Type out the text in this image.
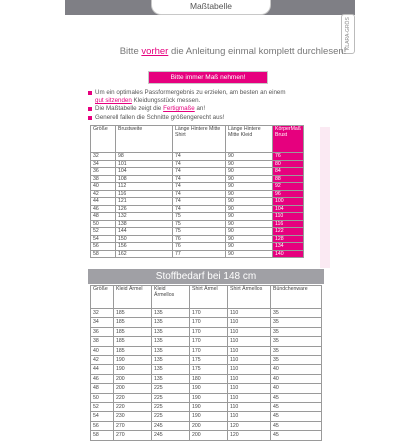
Maßtabelle
KLARA-GRÖS
Bitte vorher die Anleitung einmal komplett durchlesen!
Bitte immer Maß nehmen!
Um ein optimales Passformergebnis zu erzielen, am besten an einem
gut sitzenden Kleidungsstück messen.
Die Maßtabelle zeigt die Fertigmaße an!
Generell fallen die Schnitte größengerecht aus!
Größe	Brustweite	Länge Hintere Mitte Shirt	Länge Hintere Mitte Kleid	KörperMaß Brust
32	98	74	90	76
34	101	74	90	80
36	104	74	90	84
38	108	74	90	88
40	112	74	90	92
42	116	74	90	96
44	121	74	90	100
46	126	74	90	104
48	132	75	90	110
50	138	75	90	116
52	144	75	90	122
54	150	76	90	128
56	156	76	90	134
58	162	77	90	140
Stoffbedarf bei 148 cm
Größe	Kleid Ärmel	Kleid Ärmellos	Shirt Ärmel	Shirt Ärmellos	Bündchenware
32	185	135	170	110	35
34	185	135	170	110	35
36	185	135	170	110	35
38	185	135	170	110	35
40	185	135	170	110	35
42	190	135	175	110	35
44	190	135	175	110	40
46	200	135	180	110	40
48	200	225	190	110	40
50	220	225	190	110	45
52	220	225	190	110	45
54	230	225	190	110	45
56	270	245	200	120	45
58	270	245	200	120	45
